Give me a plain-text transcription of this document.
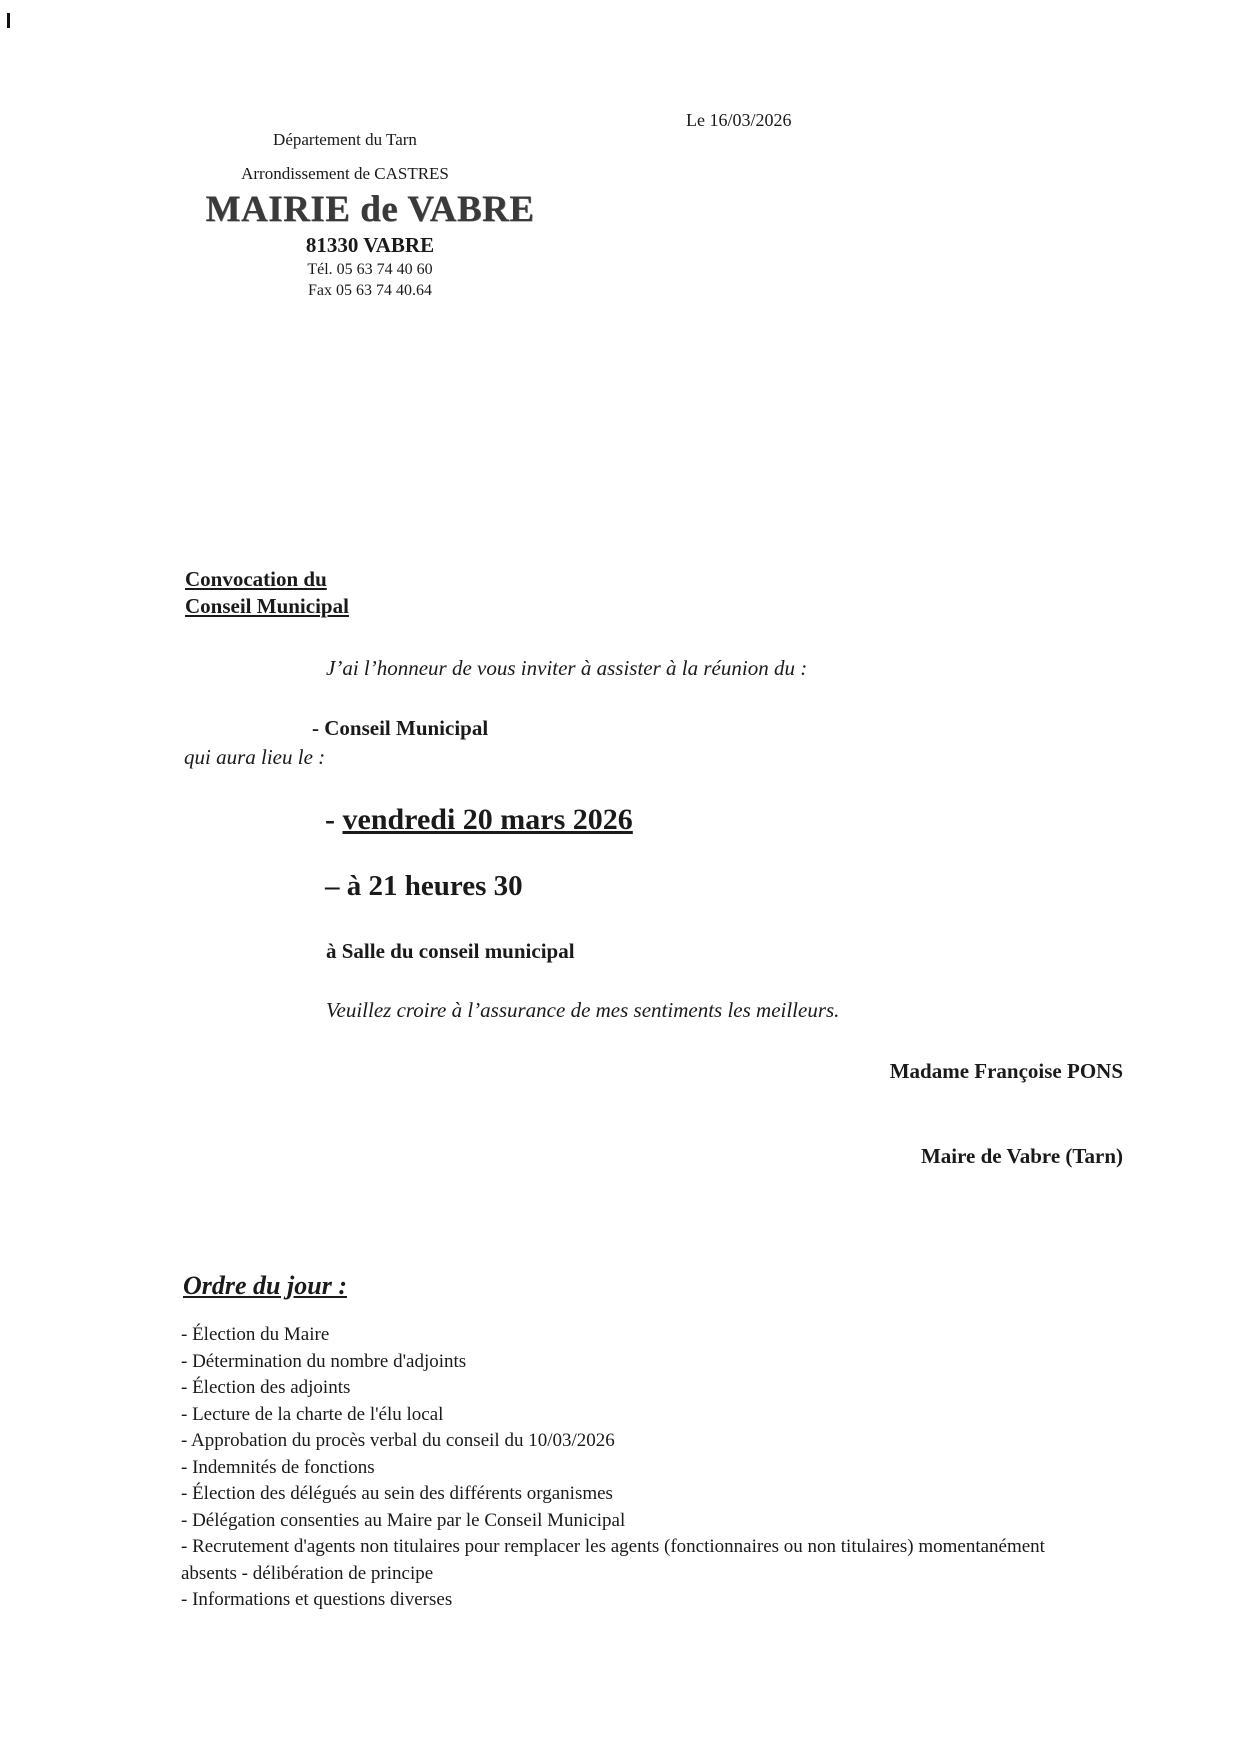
Le 16/03/2026
Département du Tarn
Arrondissement de CASTRES
MAIRIE de VABRE
81330 VABRE
Tél. 05 63 74 40 60
Fax 05 63 74 40.64
Convocation du
Conseil Municipal
J’ai l’honneur de vous inviter à assister à la réunion du :
- Conseil Municipal
qui aura lieu le :
- vendredi 20 mars 2026
– à 21 heures 30
à Salle du conseil municipal
Veuillez croire à l’assurance de mes sentiments les meilleurs.
Madame Françoise PONS
Maire de Vabre (Tarn)
Ordre du jour :
- Élection du Maire
- Détermination du nombre d'adjoints
- Élection des adjoints
- Lecture de la charte de l'élu local
- Approbation du procès verbal du conseil du 10/03/2026
- Indemnités de fonctions
- Élection des délégués au sein des différents organismes
- Délégation consenties au Maire par le Conseil Municipal
- Recrutement d'agents non titulaires pour remplacer les agents (fonctionnaires ou non titulaires) momentanément absents - délibération de principe
- Informations et questions diverses
